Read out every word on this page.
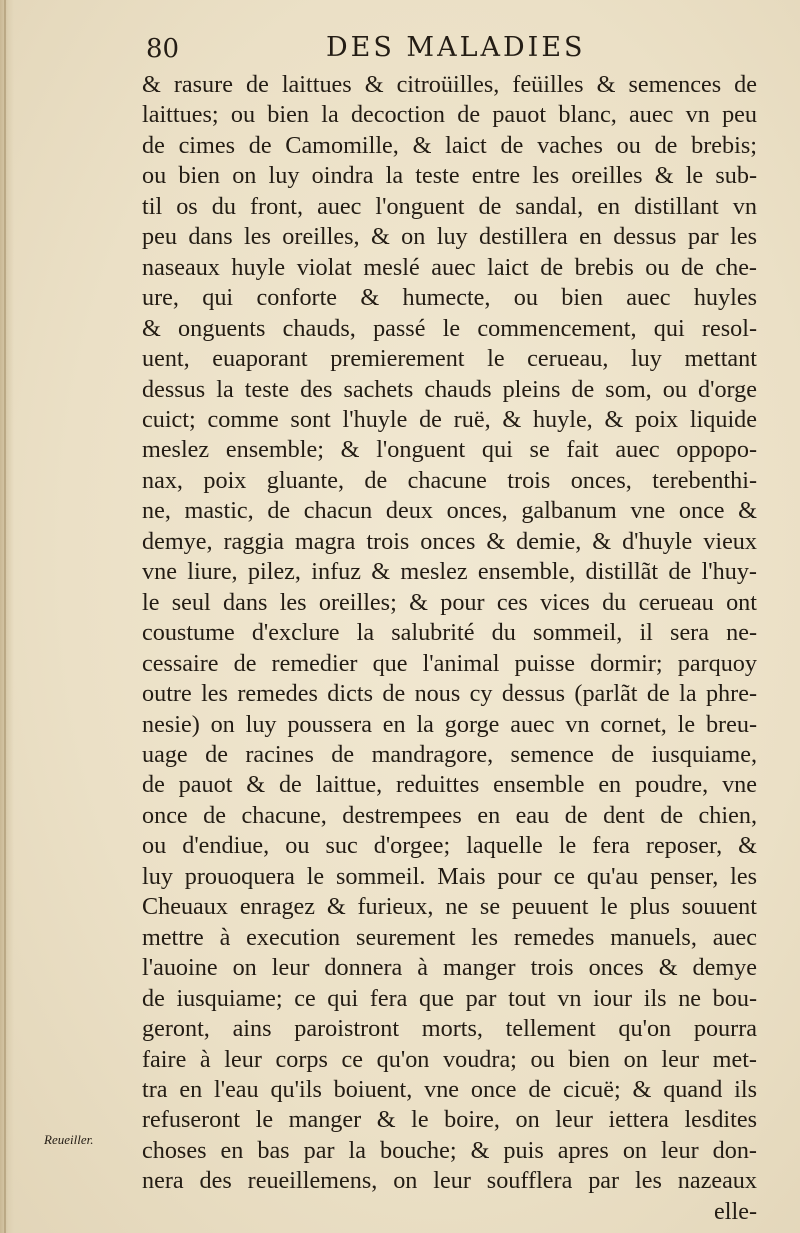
80	DES MALADIES
& rasure de laittues & citroüilles, feüilles & semences de
laittues; ou bien la decoction de pauot blanc, auec vn peu
de cimes de Camomille, & laict de vaches ou de brebis;
ou bien on luy oindra la teste entre les oreilles & le sub-
til os du front, auec l'onguent de sandal, en distillant vn
peu dans les oreilles, & on luy destillera en dessus par les
naseaux huyle violat meslé auec laict de brebis ou de che-
ure, qui conforte & humecte, ou bien auec huyles
& onguents chauds, passé le commencement, qui resol-
uent, euaporant premierement le cerueau, luy mettant
dessus la teste des sachets chauds pleins de som, ou d'orge
cuict; comme sont l'huyle de ruë, & huyle, & poix liquide
meslez ensemble; & l'onguent qui se fait auec oppopo-
nax, poix gluante, de chacune trois onces, terebenthi-
ne, mastic, de chacun deux onces, galbanum vne once &
demye, raggia magra trois onces & demie, & d'huyle vieux
vne liure, pilez, infuz & meslez ensemble, distillãt de l'huy-
le seul dans les oreilles; & pour ces vices du cerueau ont
coustume d'exclure la salubrité du sommeil, il sera ne-
cessaire de remedier que l'animal puisse dormir; parquoy
outre les remedes dicts de nous cy dessus (parlãt de la phre-
nesie) on luy poussera en la gorge auec vn cornet, le breu-
uage de racines de mandragore, semence de iusquiame,
de pauot & de laittue, reduittes ensemble en poudre, vne
once de chacune, destrempees en eau de dent de chien,
ou d'endiue, ou suc d'orgee; laquelle le fera reposer, &
luy prouoquera le sommeil. Mais pour ce qu'au penser, les
Cheuaux enragez & furieux, ne se peuuent le plus souuent
mettre à execution seurement les remedes manuels, auec
l'auoine on leur donnera à manger trois onces & demye
de iusquiame; ce qui fera que par tout vn iour ils ne bou-
geront, ains paroistront morts, tellement qu'on pourra
faire à leur corps ce qu'on voudra; ou bien on leur met-
tra en l'eau qu'ils boiuent, vne once de cicuë; & quand ils
refuseront le manger & le boire, on leur iettera lesdites
choses en bas par la bouche; & puis apres on leur don-
nera des reueillemens, on leur soufflera par les nazeaux
elle-
Reueiller.
